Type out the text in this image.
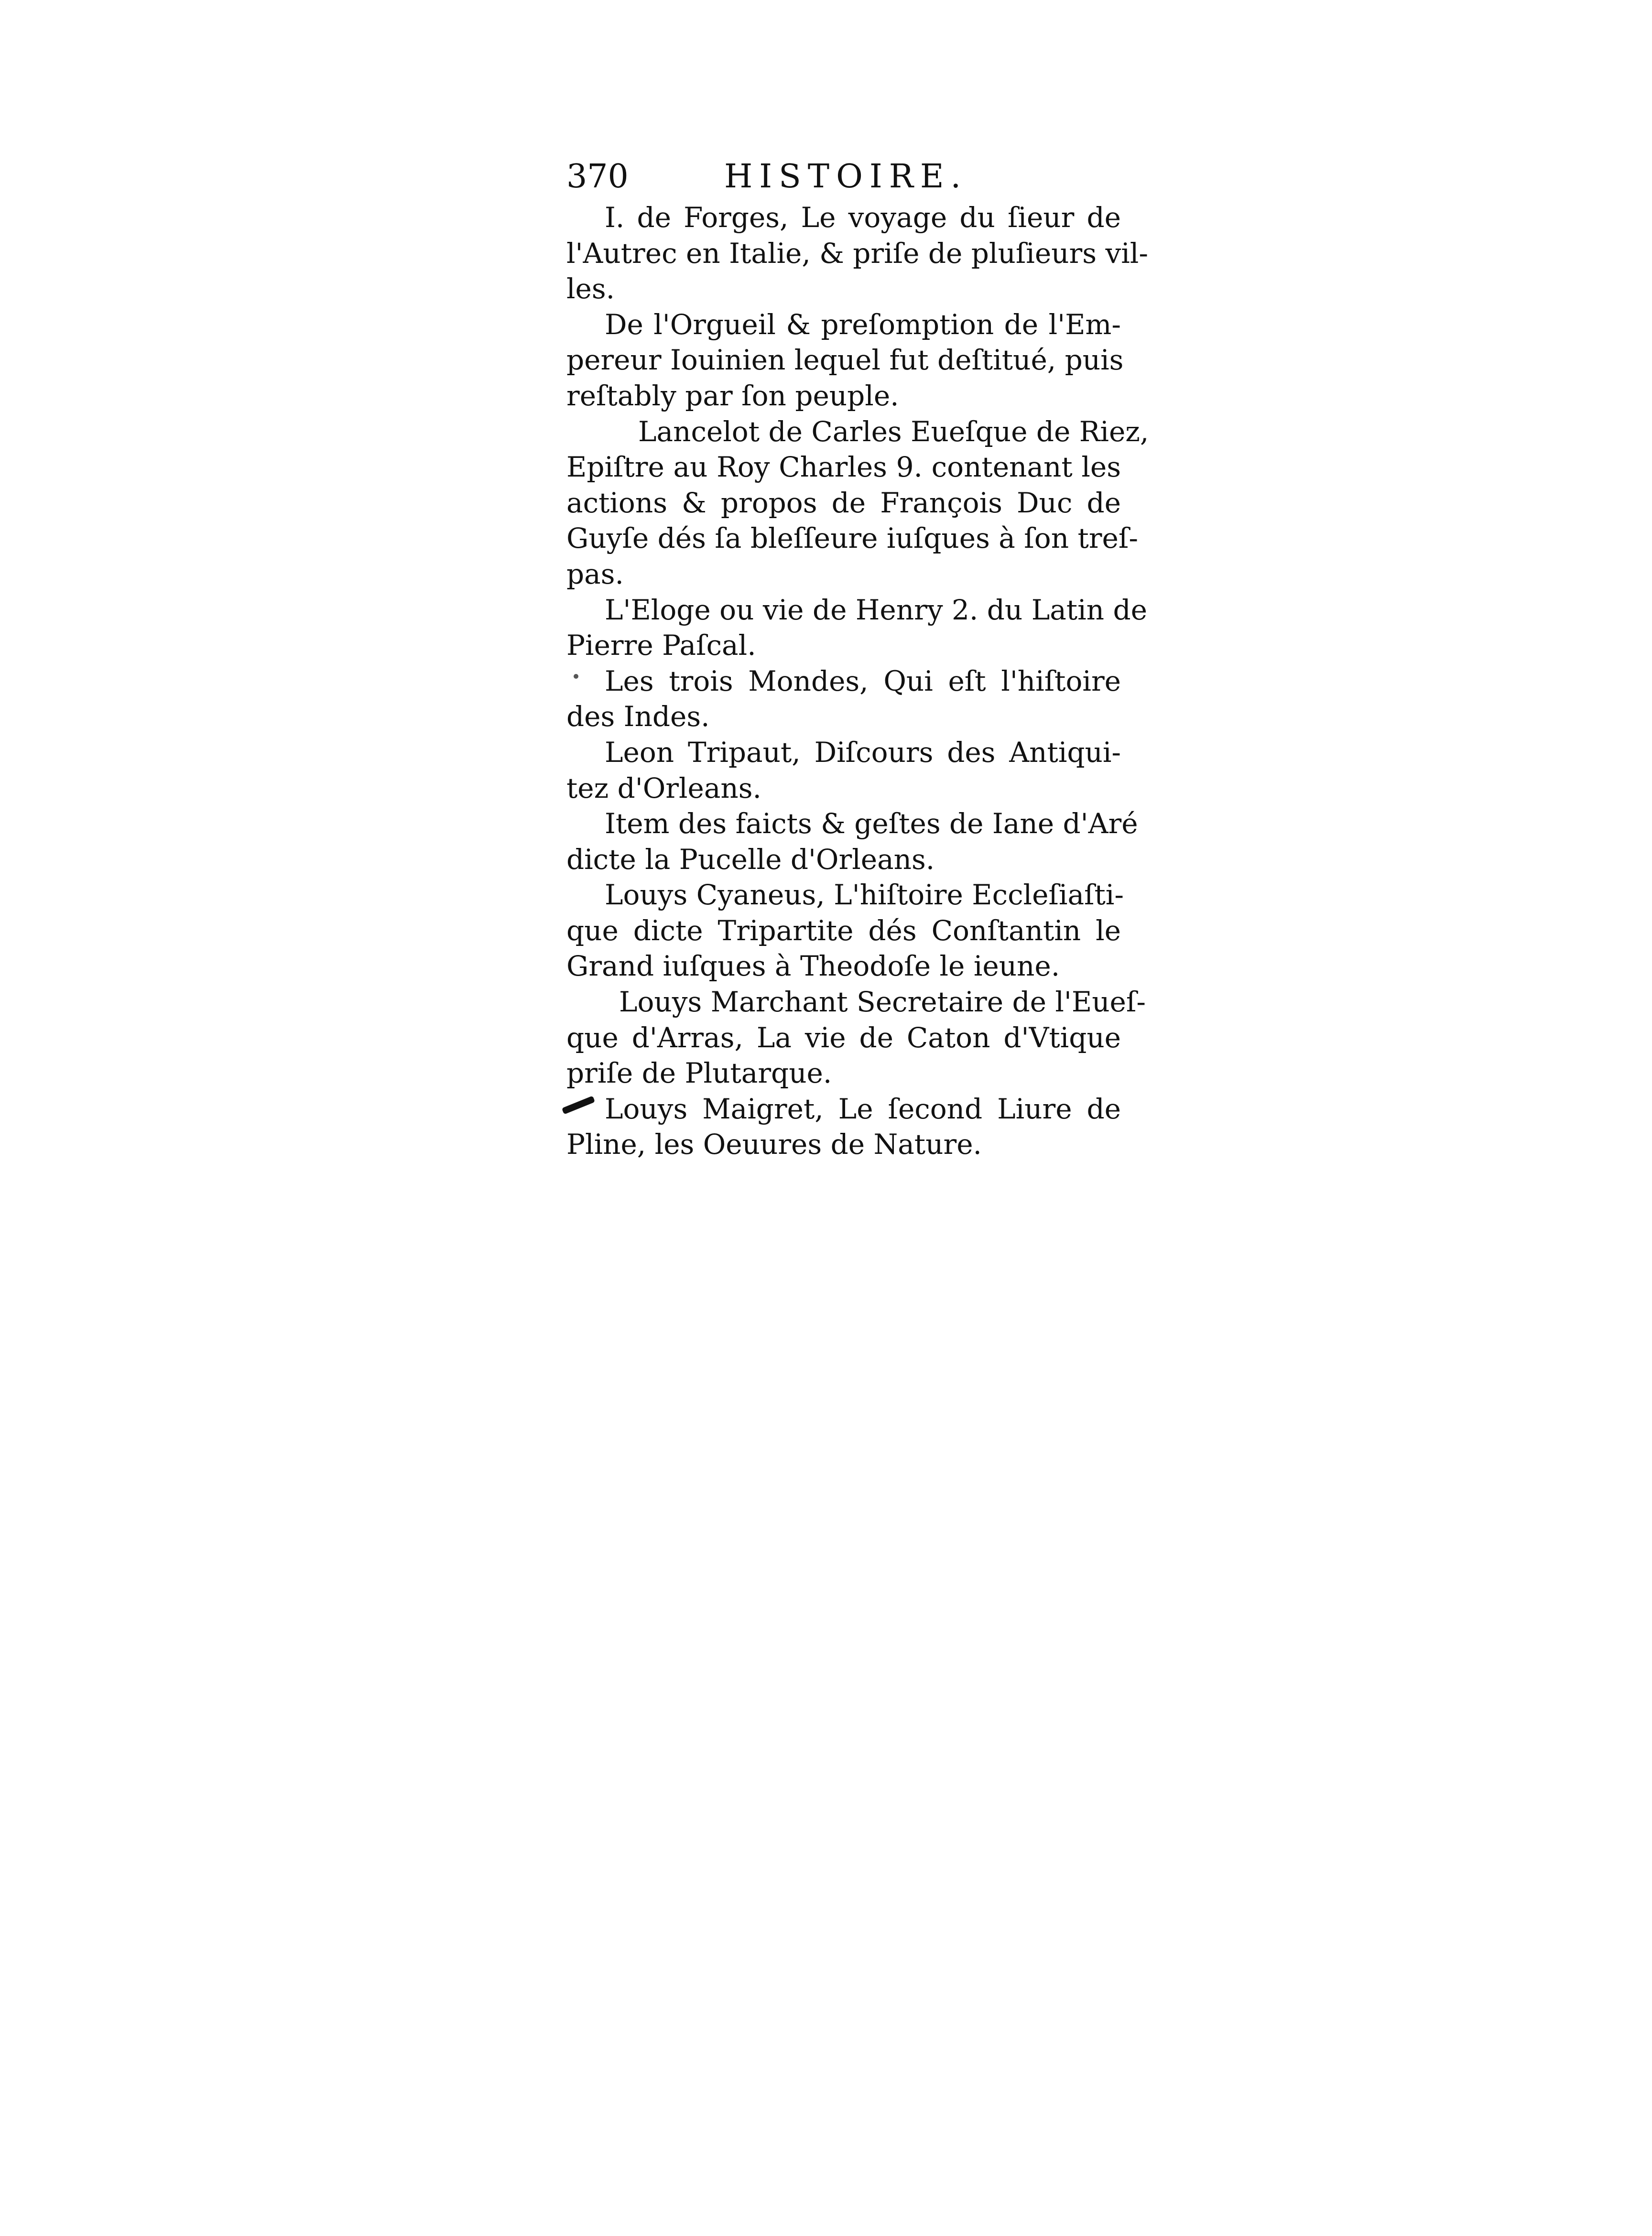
370	HISTOIRE.
I. de Forges, Le voyage du ſieur de
l'Autrec en Italie, & priſe de pluſieurs vil-
les.
De l'Orgueil & preſomption de l'Em-
pereur Iouinien lequel fut deſtitué, puis
reſtably par ſon peuple.
Lancelot de Carles Eueſque de Riez,
Epiſtre au Roy Charles 9. contenant les
actions & propos de François Duc de
Guyſe dés ſa bleſſeure iuſques à ſon treſ-
pas.
L'Eloge ou vie de Henry 2. du Latin de
Pierre Paſcal.
Les trois Mondes, Qui eſt l'hiſtoire
des Indes.
Leon Tripaut, Diſcours des Antiqui-
tez d'Orleans.
Item des faicts & geſtes de Iane d'Aré
dicte la Pucelle d'Orleans.
Louys Cyaneus, L'hiſtoire Eccleſiaſti-
que dicte Tripartite dés Conſtantin le
Grand iuſques à Theodoſe le ieune.
Louys Marchant Secretaire de l'Eueſ-
que d'Arras, La vie de Caton d'Vtique
priſe de Plutarque.
Louys Maigret, Le ſecond Liure de
Pline, les Oeuures de Nature.
